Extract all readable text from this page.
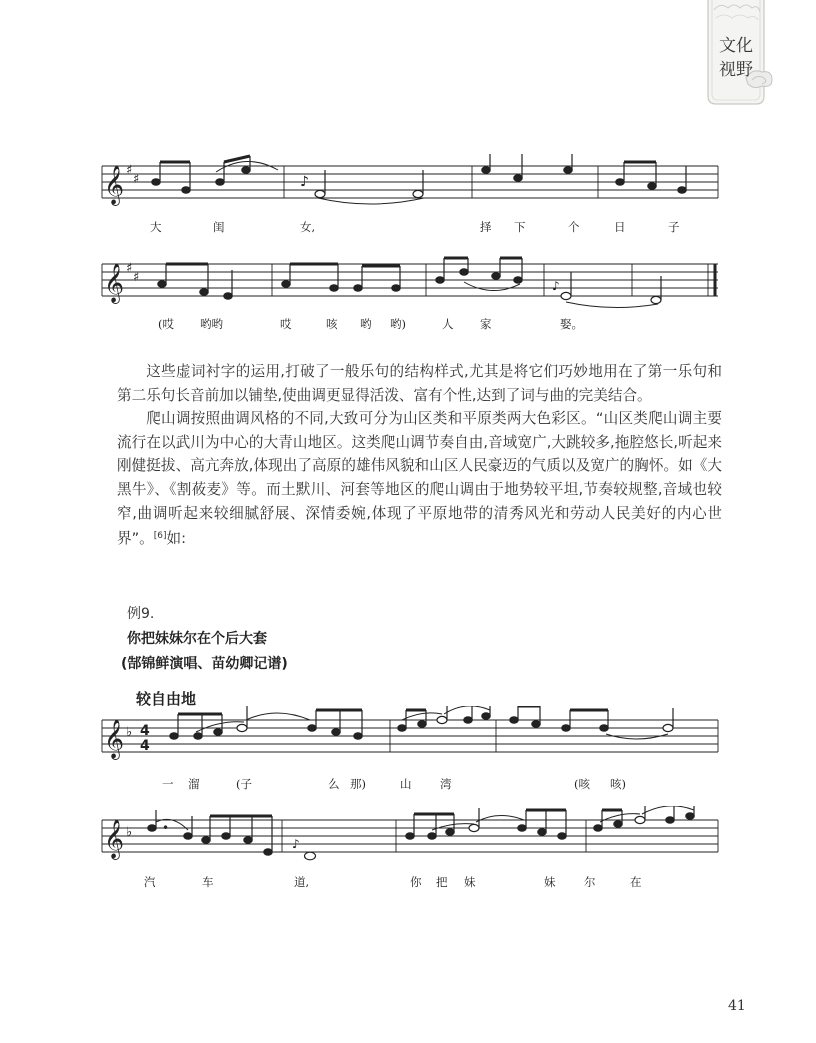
文化
视野
𝄞 ♯
♯	♪
大	闺	女,	择 下	个	日	子
𝄞 ♯
♯
♪
(哎 哟哟	哎	咳 哟 哟)	人 家	娶。

这些虚词衬字的运用,打破了一般乐句的结构样式,尤其是将它们巧妙地用在了第一乐句和第二乐句长音前加以铺垫,使曲调更显得活泼、富有个性,达到了词与曲的完美结合。

爬山调按照曲调风格的不同,大致可分为山区类和平原类两大色彩区。“山区类爬山调主要流行在以武川为中心的大青山地区。这类爬山调节奏自由,音域宽广,大跳较多,拖腔悠长,听起来刚健挺拔、高亢奔放,体现出了高原的雄伟风貌和山区人民豪迈的气质以及宽广的胸怀。如《大黑牛》、《割莜麦》等。而土默川、河套等地区的爬山调由于地势较平坦,节奏较规整,音域也较窄,曲调听起来较细腻舒展、深情委婉,体现了平原地带的清秀风光和劳动人民美好的内心世界”。[6]如:

例9.
你把妹妹尔在个后大套
(郜锦鲜演唱、苗幼卿记谱)
较自由地
𝄞 ♭ 4
4
一 溜	(子	么 那)	山 湾	(咳 咳)
𝄞 ♭ •
♪
汽	车	道,	你 把 妹	妹 尔	在
41
